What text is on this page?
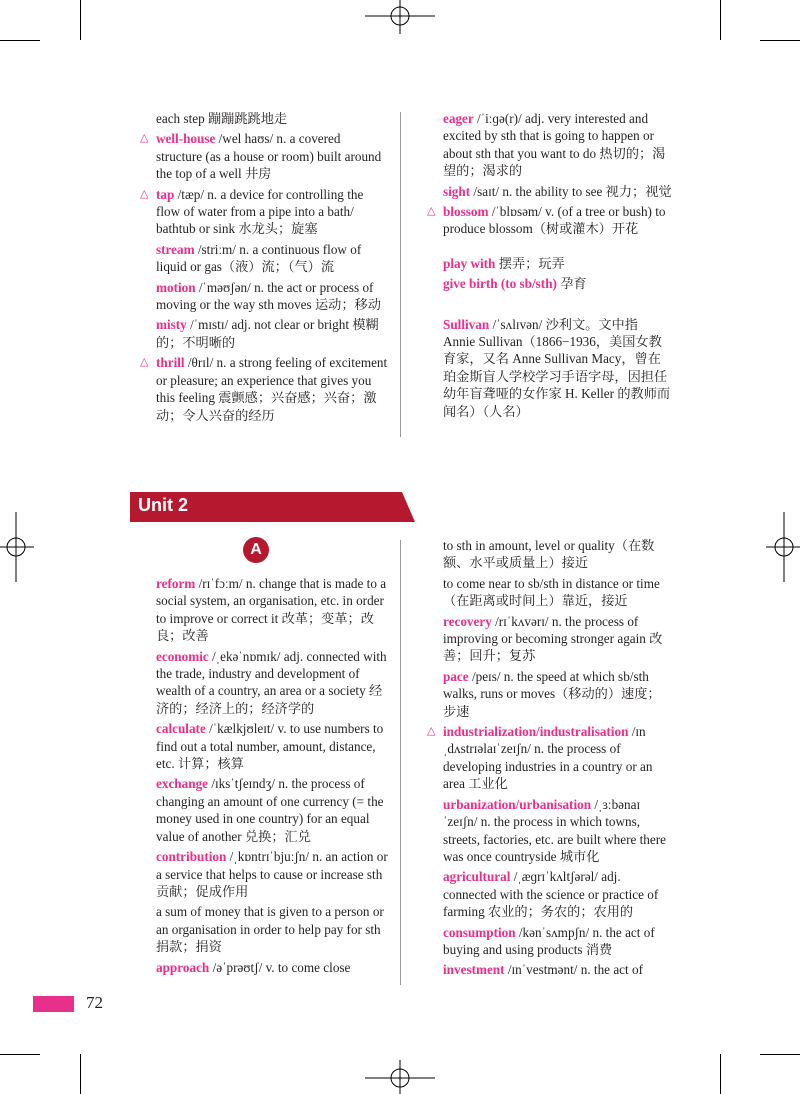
each step 蹦蹦跳跳地走
△ well-house /wel haʊs/ n. a covered structure (as a house or room) built around the top of a well 井房
△ tap /tæp/ n. a device for controlling the flow of water from a pipe into a bath/ bathtub or sink 水龙头；旋塞
stream /striːm/ n. a continuous flow of liquid or gas（液）流；（气）流
motion /ˈməʊʃən/ n. the act or process of moving or the way sth moves 运动；移动
misty /ˈmɪstɪ/ adj. not clear or bright 模糊的；不明晰的
△ thrill /θrɪl/ n. a strong feeling of excitement or pleasure; an experience that gives you this feeling 震颤感；兴奋感；兴奋；激动；令人兴奋的经历
eager /ˈiːɡə(r)/ adj. very interested and excited by sth that is going to happen or about sth that you want to do 热切的；渴望的；渴求的
sight /saɪt/ n. the ability to see 视力；视觉
△ blossom /ˈblɒsəm/ v. (of a tree or bush) to produce blossom（树或灌木）开花
play with 摆弄；玩弄
give birth (to sb/sth) 孕育
Sullivan /ˈsʌlɪvən/ 沙利文。文中指 Annie Sullivan（1866−1936，美国女教育家，又名 Anne Sullivan Macy，曾在珀金斯盲人学校学习手语字母，因担任幼年盲聋哑的女作家 H. Keller 的教师而闻名）（人名）
Unit 2
A
reform /rɪˈfɔːm/ n. change that is made to a social system, an organisation, etc. in order to improve or correct it 改革；变革；改良；改善
economic /ˌekəˈnɒmɪk/ adj. connected with the trade, industry and development of wealth of a country, an area or a society 经济的；经济上的；经济学的
calculate /ˈkælkjʊleɪt/ v. to use numbers to find out a total number, amount, distance, etc. 计算；核算
exchange /ɪksˈtʃeɪndʒ/ n. the process of changing an amount of one currency (= the money used in one country) for an equal value of another 兑换；汇兑
contribution /ˌkɒntrɪˈbjuːʃn/ n. an action or a service that helps to cause or increase sth 贡献；促成作用
a sum of money that is given to a person or an organisation in order to help pay for sth 捐款；捐资
approach /əˈprəʊtʃ/ v. to come close
to sth in amount, level or quality（在数额、水平或质量上）接近
to come near to sb/sth in distance or time（在距离或时间上）靠近，接近
recovery /rɪˈkʌvərɪ/ n. the process of improving or becoming stronger again 改善；回升；复苏
pace /peɪs/ n. the speed at which sb/sth walks, runs or moves（移动的）速度；步速
△ industrialization/industralisation /ɪnˌdʌstrɪəlaɪˈzeɪʃn/ n. the process of developing industries in a country or an area 工业化
urbanization/urbanisation /ˌɜːbənaɪˈzeɪʃn/ n. the process in which towns, streets, factories, etc. are built where there was once countryside 城市化
agricultural /ˌæɡrɪˈkʌltʃərəl/ adj. connected with the science or practice of farming 农业的；务农的；农用的
consumption /kənˈsʌmpʃn/ n. the act of buying and using products 消费
investment /ɪnˈvestmənt/ n. the act of
72
